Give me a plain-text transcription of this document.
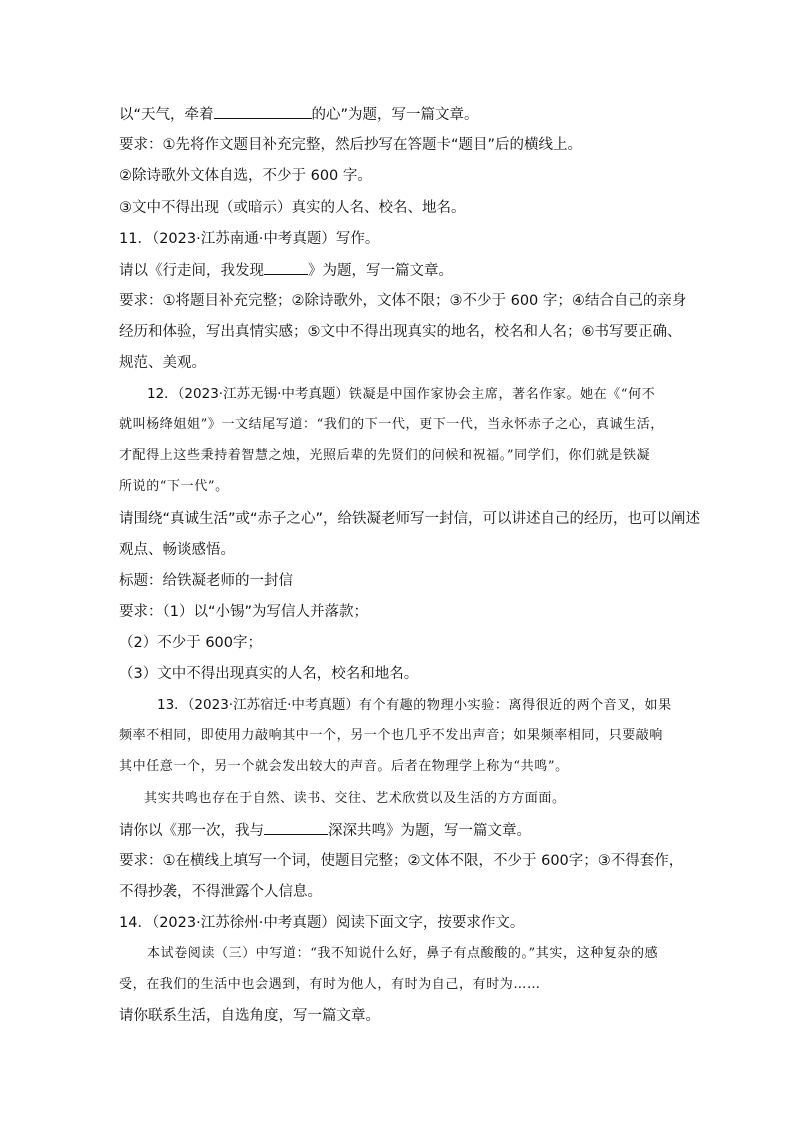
以“天气，牵着	的心”为题，写一篇文章。
要求：①先将作文题目补充完整，然后抄写在答题卡“题目”后的横线上。
②除诗歌外文体自选，不少于 600 字。
③文中不得出现（或暗示）真实的人名、校名、地名。
11．（2023·江苏南通·中考真题）写作。
请以《行走间，我发现	》为题，写一篇文章。
要求：①将题目补充完整；②除诗歌外，文体不限；③不少于 600 字；④结合自己的亲身
经历和体验，写出真情实感；⑤文中不得出现真实的地名，校名和人名；⑥书写要正确、
规范、美观。
12．（2023·江苏无锡·中考真题）铁凝是中国作家协会主席，著名作家。她在《“何不
就叫杨绛姐姐”》一文结尾写道：“我们的下一代，更下一代，当永怀赤子之心，真诚生活，
才配得上这些秉持着智慧之烛，光照后辈的先贤们的问候和祝福。”同学们，你们就是铁凝
所说的“下一代”。
请围绕“真诚生活”或“赤子之心”，给铁凝老师写一封信，可以讲述自己的经历，也可以阐述
观点、畅谈感悟。
标题：给铁凝老师的一封信
要求：（1）以“小锡”为写信人并落款；
（2）不少于 600字；
（3）文中不得出现真实的人名，校名和地名。
13．（2023·江苏宿迁·中考真题）有个有趣的物理小实验：离得很近的两个音叉，如果
频率不相同，即使用力敲响其中一个，另一个也几乎不发出声音；如果频率相同，只要敲响
其中任意一个，另一个就会发出较大的声音。后者在物理学上称为“共鸣”。
其实共鸣也存在于自然、读书、交往、艺术欣赏以及生活的方方面面。
请你以《那一次，我与	深深共鸣》为题，写一篇文章。
要求：①在横线上填写一个词，使题目完整；②文体不限，不少于 600字；③不得套作，
不得抄袭，不得泄露个人信息。
14．（2023·江苏徐州·中考真题）阅读下面文字，按要求作文。
本试卷阅读（三）中写道：“我不知说什么好，鼻子有点酸酸的。”其实，这种复杂的感
受，在我们的生活中也会遇到，有时为他人，有时为自己，有时为……
请你联系生活，自选角度，写一篇文章。
